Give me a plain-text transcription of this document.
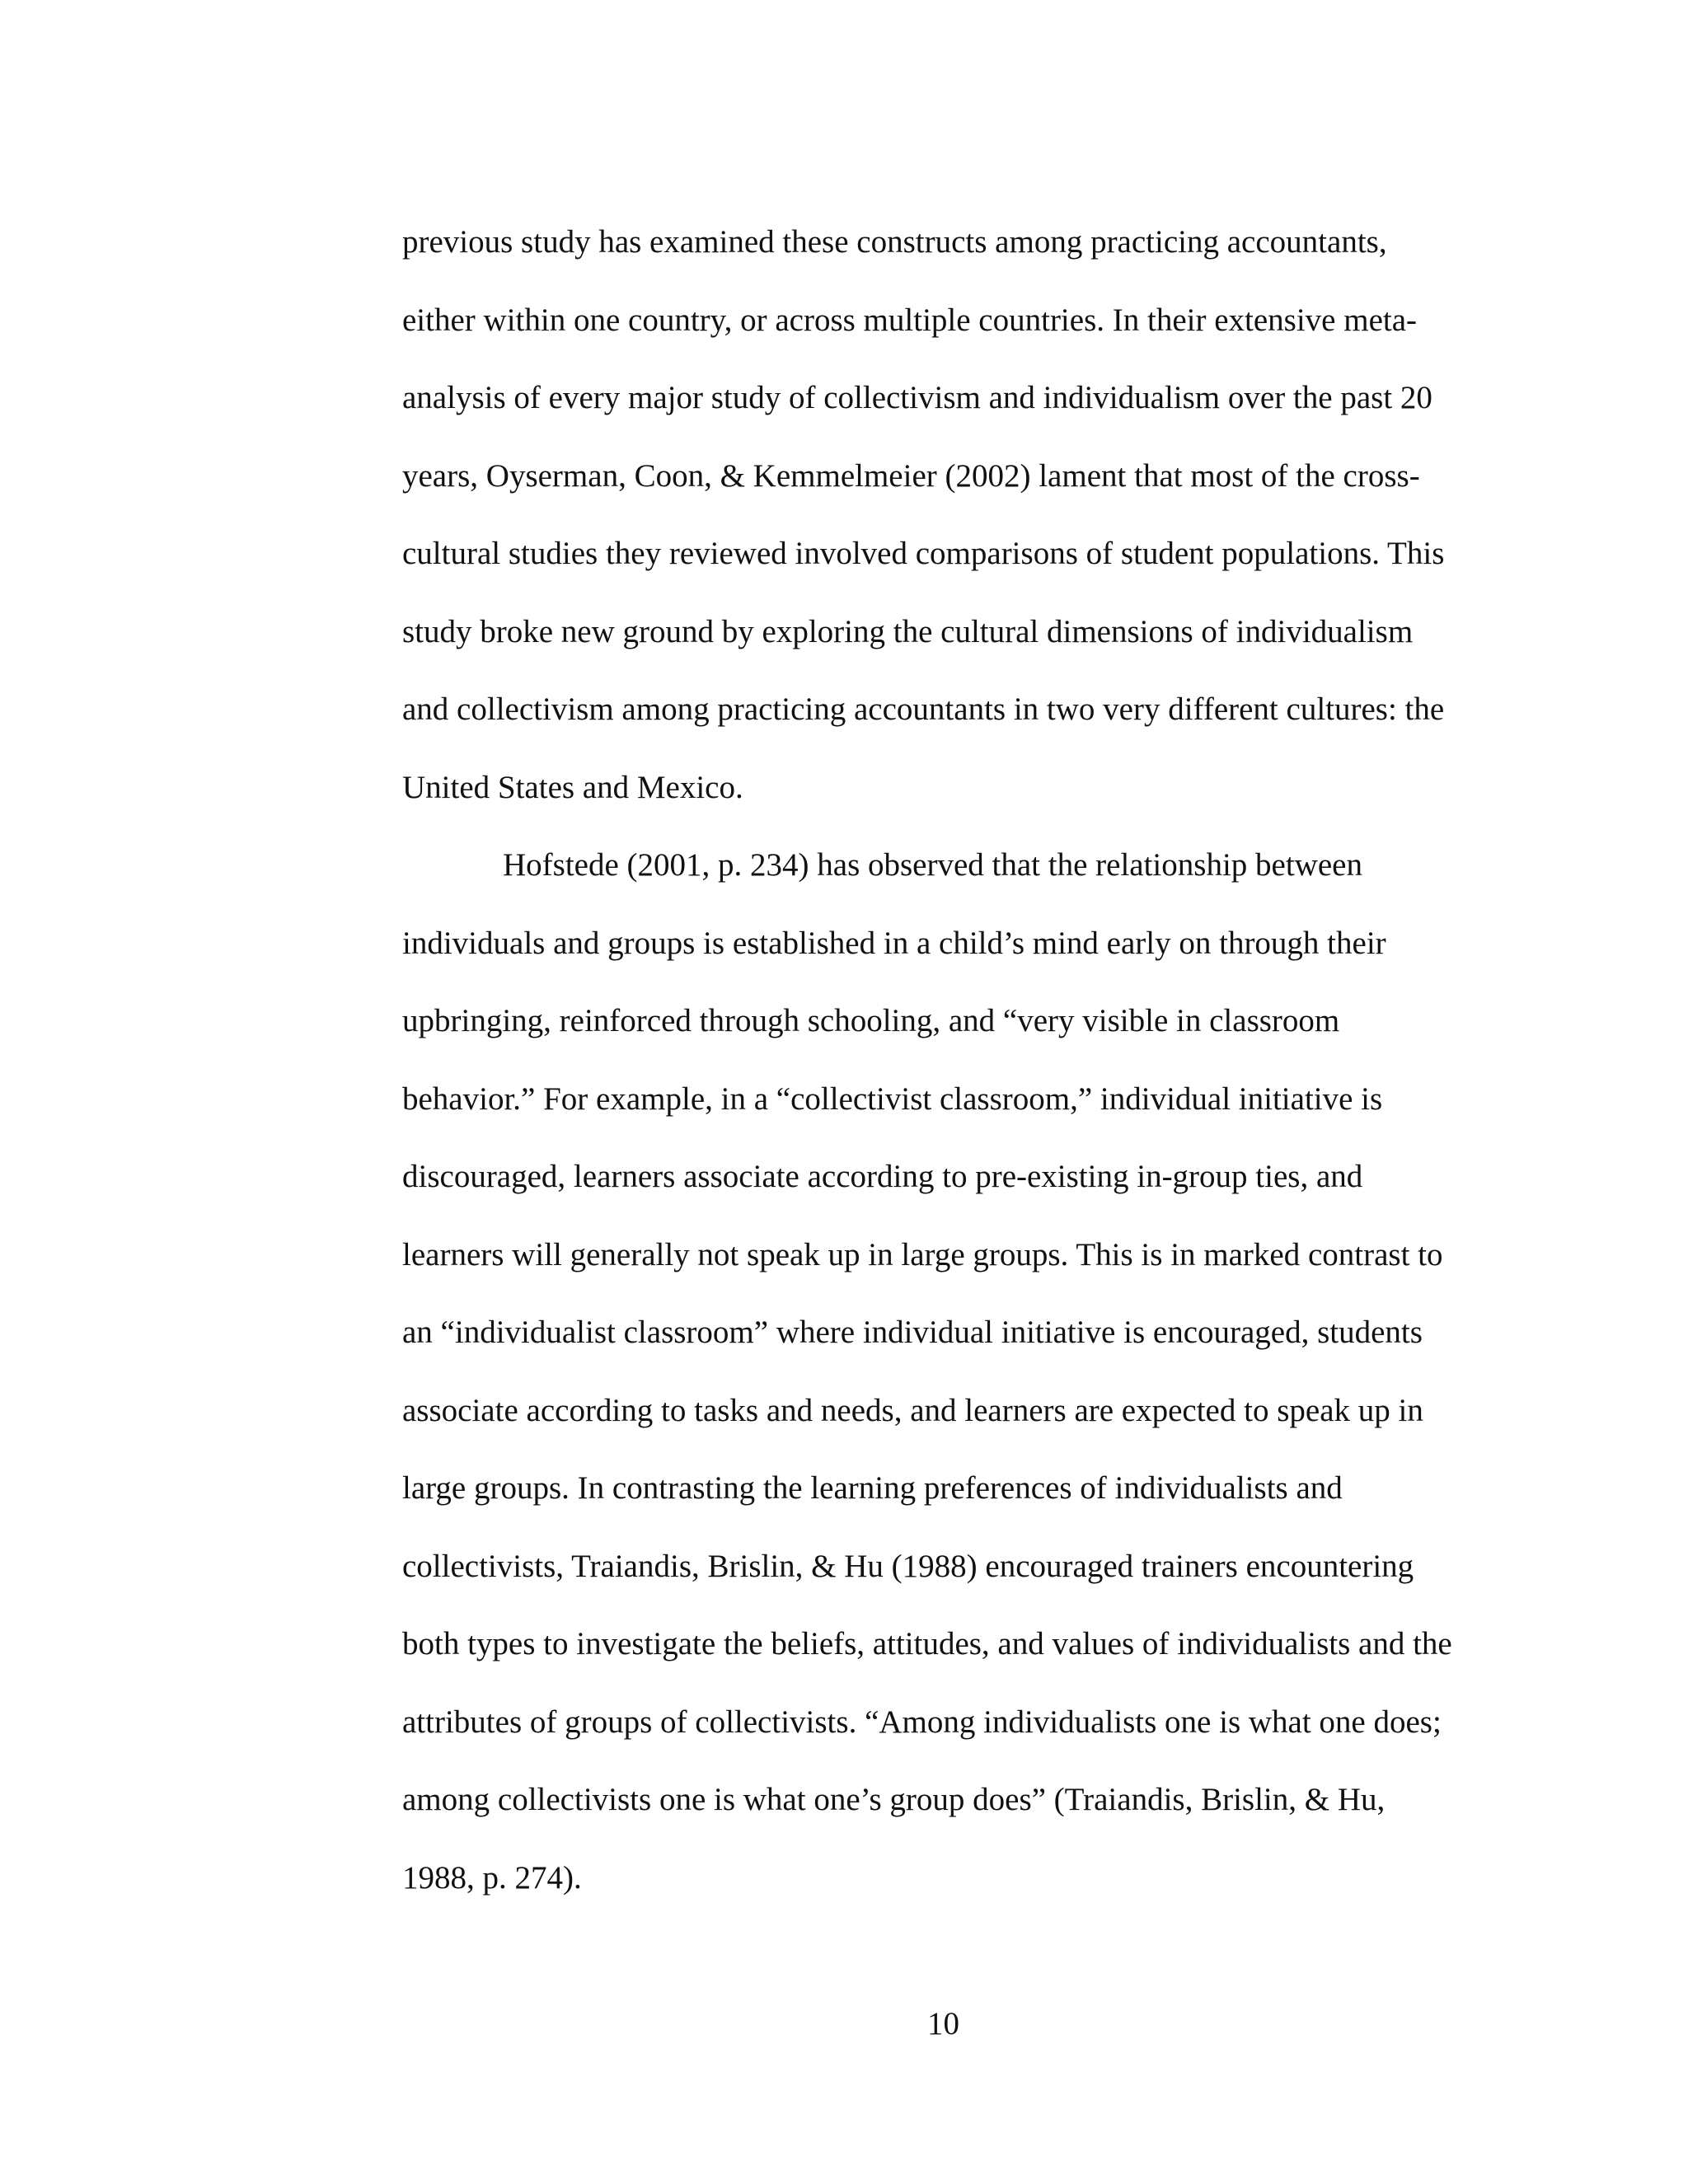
previous study has examined these constructs among practicing accountants,
either within one country, or across multiple countries. In their extensive meta-
analysis of every major study of collectivism and individualism over the past 20
years, Oyserman, Coon, & Kemmelmeier (2002) lament that most of the cross-
cultural studies they reviewed involved comparisons of student populations. This
study broke new ground by exploring the cultural dimensions of individualism
and collectivism among practicing accountants in two very different cultures: the
United States and Mexico.
Hofstede (2001, p. 234) has observed that the relationship between
individuals and groups is established in a child’s mind early on through their
upbringing, reinforced through schooling, and “very visible in classroom
behavior.” For example, in a “collectivist classroom,” individual initiative is
discouraged, learners associate according to pre-existing in-group ties, and
learners will generally not speak up in large groups. This is in marked contrast to
an “individualist classroom” where individual initiative is encouraged, students
associate according to tasks and needs, and learners are expected to speak up in
large groups. In contrasting the learning preferences of individualists and
collectivists, Traiandis, Brislin, & Hu (1988) encouraged trainers encountering
both types to investigate the beliefs, attitudes, and values of individualists and the
attributes of groups of collectivists. “Among individualists one is what one does;
among collectivists one is what one’s group does” (Traiandis, Brislin, & Hu,
1988, p. 274).
10
